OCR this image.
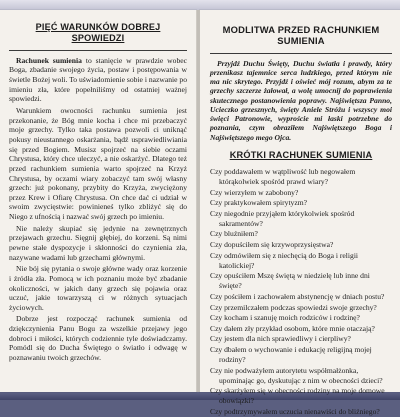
PIĘĆ WARUNKÓW DOBREJ SPOWIEDZI

Rachunek sumienia to stanięcie w prawdzie wobec Boga, zbadanie swojego życia, postaw i postępowania w świetle Bożej woli. To uświadomienie sobie i nazwanie po imieniu zła, które popełniliśmy od ostatniej ważnej spowiedzi.

Warunkiem owocności rachunku sumienia jest przekonanie, że Bóg mnie kocha i chce mi przebaczyć moje grzechy. Tylko taka postawa pozwoli ci uniknąć pokusy nieustannego oskarżania, bądź usprawiedliwiania się przed Bogiem. Musisz spojrzeć na siebie oczami Chrystusa, który chce uleczyć, a nie oskarżyć. Dlatego też przed rachunkiem sumienia warto spojrzeć na Krzyż Chrystusa, by oczami wiary zobaczyć tam swój własny grzech: już pokonany, przybity do Krzyża, zwyciężony przez Krew i Ofiarę Chrystusa. On chce dać ci udział w swoim zwycięstwie: powinieneś tylko zbliżyć się do Niego z ufnością i nazwać swój grzech po imieniu.

Nie należy skupiać się jedynie na zewnętrznych przejawach grzechu. Sięgnij głębiej, do korzeni. Są nimi pewne stałe dyspozycje i skłonności do czynienia zła, nazywane wadami lub grzechami głównymi.

Nie bój się pytania o swoje główne wady oraz korzenie i źródła zła. Pomocą w ich poznaniu może być zbadanie okoliczności, w jakich dany grzech się pojawia oraz uczuć, jakie towarzyszą ci w różnych sytuacjach życiowych.

Dobrze jest rozpocząć rachunek sumienia od dziękczynienia Panu Bogu za wszelkie przejawy jego dobroci i miłości, których codziennie tyle doświadczamy. Pomódl się do Ducha Świętego o światło i odwagę w poznawaniu twoich grzechów.

MODLITWA PRZED RACHUNKIEM SUMIENIA

Przyjdź Duchu Święty, Duchu światła i prawdy, który przenikasz tajemnice serca ludzkiego, przed którym nie ma nic skrytego. Przyjdź i oświeć mój rozum, abym za te grzechy szczerze żałował, a wolę umocnij do poprawienia skutecznego postanowienia poprawy. Najświętsza Panno, Ucieczko grzesznych, święty Aniele Stróżu i wszyscy moi święci Patronowie, wyproście mi łaski potrzebne do poznania, czym obraziłem Najświętszego Boga i Najświętszego mego Ojca.

KRÓTKI RACHUNEK SUMIENIA
Czy poddawałem w wątpliwość lub negowałem którąkolwiek spośród prawd wiary?
Czy wierzyłem w zabobony?
Czy praktykowałem spirytyzm?
Czy niegodnie przyjąłem którykolwiek spośród sakramentów?
Czy bluźniłem?
Czy dopuściłem się krzywoprzysięstwa?
Czy odmówiłem się z niechęcią do Boga i religii katolickiej?
Czy opuściłem Mszę świętą w niedzielę lub inne dni święte?
Czy pościłem i zachowałem abstynencję w dniach postu?
Czy przemilczałem podczas spowiedzi swoje grzechy?
Czy kocham i szanuję moich rodziców i rodzinę?
Czy dałem zły przykład osobom, które mnie otaczają?
Czy jestem dla nich sprawiedliwy i cierpliwy?
Czy dbałem o wychowanie i edukację religijną mojej rodziny?
Czy nie podważyłem autorytetu współmałżonka, upominając go, dyskutując z nim w obecności dzieci?
Czy skarżyłem się w obecności rodziny na moje domowe obowiązki?
Czy podtrzymywałem uczucia nienawiści do bliźniego?
